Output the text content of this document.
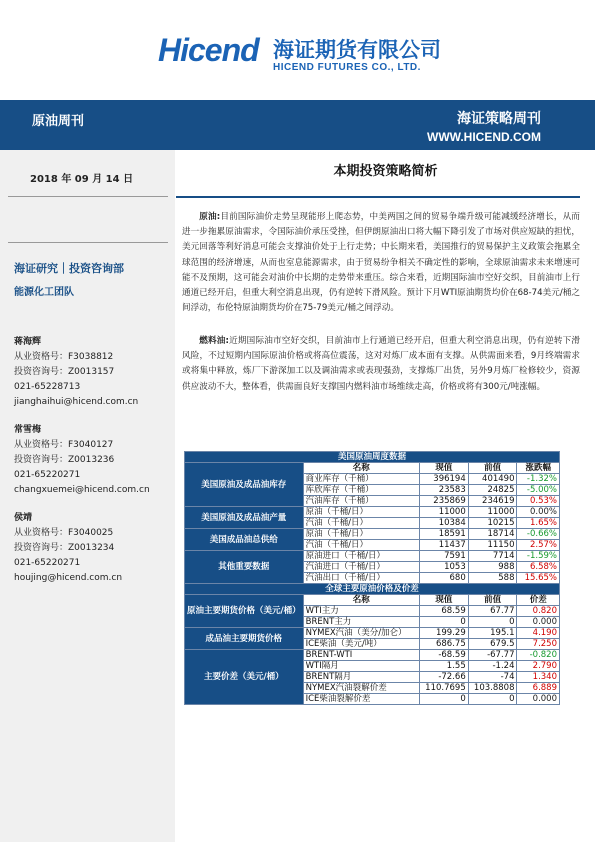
Hicend 海证期货有限公司
HICEND FUTURES CO., LTD.
原油周刊	海证策略周刊
WWW.HICEND.COM
2018 年 09 月 14 日
海证研究｜投资咨询部
能源化工团队
蒋海辉
从业资格号：F3038812
投资咨询号：Z0013157
021-65228713
jianghaihui@hicend.com.cn
常雪梅
从业资格号：F3040127
投资咨询号：Z0013236
021-65220271
changxuemei@hicend.com.cn
侯靖
从业资格号：F3040025
投资咨询号：Z0013234
021-65220271
houjing@hicend.com.cn
本期投资策略简析
原油:目前国际油价走势呈现能形上爬态势，中美两国之间的贸易争端升级可能减缓经济增长，从而进一步拖累原油需求，令国际油价承压受挫，但伊朗原油出口将大幅下降引发了市场对供应短缺的担忧，美元回落等利好消息可能会支撑油价处于上行走势；中长期来看，美国推行的贸易保护主义政策会拖累全球范围的经济增速，从而也室息能源需求，由于贸易纷争相关不确定性的影响，全球原油需求未来增速可能不及预期，这可能会对油价中长期的走势带来重压。综合来看，近期国际油市空好交织，目前油市上行通道已经开启，但重大利空消息出现，仍有逆转下滑风险。预计下月WTI原油期货均价在68-74美元/桶之间浮动，布伦特原油期货均价在75-79美元/桶之间浮动。
燃料油:近期国际油市空好交织，目前油市上行通道已经开启，但重大利空消息出现，仍有逆转下滑风险，不过短期内国际原油价格或将高位震荡，这对对炼厂成本面有支撑。从供需面来看，9月终端需求或将集中释放，炼厂下游深加工以及调油需求或表现强劲，支撑炼厂出货，另外9月炼厂检修较少，资源供应波动不大，整体看，供需面良好支撑国内燃料油市场维续走高，价格或将有300元/吨涨幅。
美国原油周度数据				
美国原油及成品油库存	名称	现值	前值	涨跌幅
	商业库存（千桶）	396194	401490	-1.32%
	库欣库存（千桶）	23583	24825	-5.00%
	汽油库存（千桶）	235869	234619	0.53%
美国原油及成品油产量	原油（千桶/日）	11000	11000	0.00%
	汽油（千桶/日）	10384	10215	1.65%
美国成品油总供给	原油（千桶/日）	18591	18714	-0.66%
	汽油（千桶/日）	11437	11150	2.57%
其他重要数据	原油进口（千桶/日）	7591	7714	-1.59%
	汽油进口（千桶/日）	1053	988	6.58%
	汽油出口（千桶/日）	680	588	15.65%
全球主要原油价格及价差				
原油主要期货价格（美元/桶）	名称	现值	前值	价差
	WTI主力	68.59	67.77	0.820
	BRENT主力	0	0	0.000
成品油主要期货价格	NYMEX汽油（美分/加仑）	199.29	195.1	4.190
	ICE柴油（美元/吨）	686.75	679.5	7.250
主要价差（美元/桶）	BRENT-WTI	-68.59	-67.77	-0.820
	WTI隔月	1.55	-1.24	2.790
	BRENT隔月	-72.66	-74	1.340
	NYMEX汽油裂解价差	110.7695	103.8808	6.889
	ICE柴油裂解价差	0	0	0.000
